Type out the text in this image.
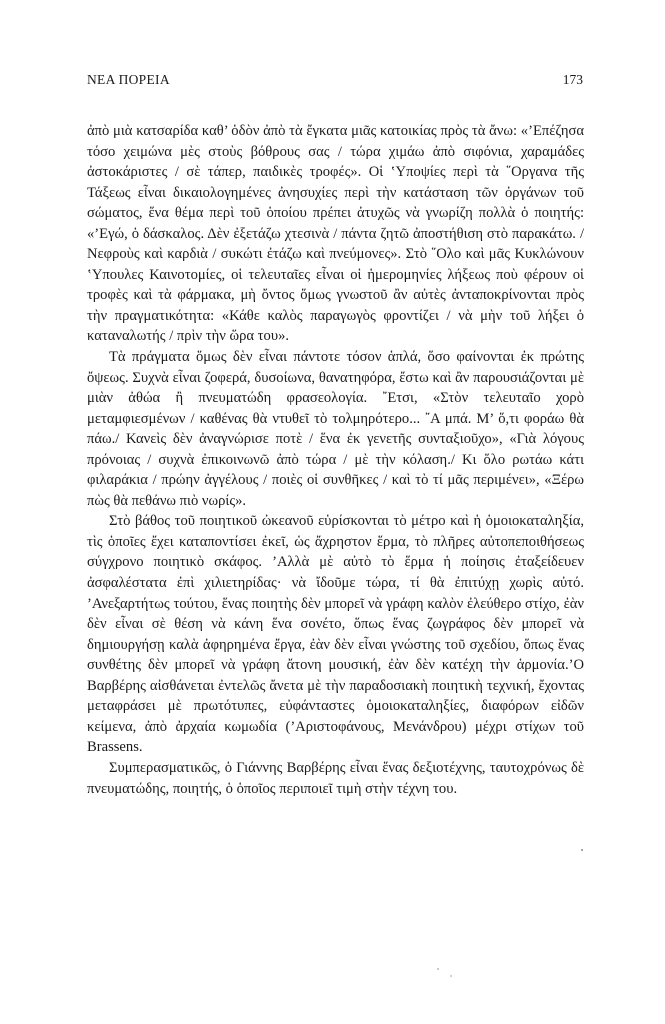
ΝΕΑ ΠΟΡΕΙΑ	173

ἀπὸ μιὰ κατσαρίδα καθ’ ὁδὸν ἀπὸ τὰ ἔγκατα μιᾶς κατοικίας πρὸς τὰ ἄνω: «’Επέζησα τόσο χειμώνα μὲς στοὺς βόθρους σας / τώρα χιμάω ἀπὸ σιφόνια, χαραμάδες ἀστοκάριστες / σὲ τάπερ, παιδικὲς τροφές». Οἱ ‛Υποψίες περὶ τὰ ῞Οργανα τῆς Τάξεως εἶναι δικαιολογημένες ἀνησυχίες περὶ τὴν κατάσταση τῶν ὀργάνων τοῦ σώματος, ἕνα θέμα περὶ τοῦ ὁποίου πρέπει ἀτυχῶς νὰ γνωρίζη πολλὰ ὁ ποιητής: «’Εγώ, ὁ δάσκαλος. Δὲν ἐξετάζω χτεσινὰ / πάντα ζητῶ ἀποστήθιση στὸ παρακάτω. /Νεφροὺς καὶ καρδιὰ / συκώτι ἐτάζω καὶ πνεύμονες». Στὸ ῞Ολο καὶ μᾶς Κυκλώνουν ‛Υπουλες Καινοτομίες, οἱ τελευταῖες εἶναι οἱ ἡμερομηνίες λήξεως ποὺ φέρουν οἱ τροφὲς καὶ τὰ φάρμακα, μὴ ὄντος ὅμως γνωστοῦ ἂν αὐτὲς ἀνταποκρίνονται πρὸς τὴν πραγματικότητα: «Κάθε καλὸς παραγωγὸς φροντίζει / νὰ μὴν τοῦ λήξει ὁ καταναλωτής / πρὶν τὴν ὥρα του».

Τὰ πράγματα ὅμως δὲν εἶναι πάντοτε τόσον ἁπλά, ὅσο φαίνονται ἐκ πρώτης ὄψεως. Συχνὰ εἶναι ζοφερά, δυσοίωνα, θανατηφόρα, ἔστω καὶ ἂν παρουσιάζονται μὲ μιὰν ἀθώα ἢ πνευματώδη φρασεολογία. ῎Ετσι, «Στὸν τελευταῖο χορὸ μεταμφιεσμένων / καθένας θὰ ντυθεῖ τὸ τολμηρότερο... ῎Α μπά. Μ’ ὅ,τι φοράω θὰ πάω./ Κανεὶς δὲν ἀναγνώρισε ποτὲ / ἕνα ἐκ γενετῆς συνταξιοῦχο», «Γιὰ λόγους πρόνοιας / συχνὰ ἐπικοινωνῶ ἀπὸ τώρα / μὲ τὴν κόλαση./ Κι ὅλο ρωτάω κάτι φιλαράκια / πρώην ἀγγέλους / ποιὲς οἱ συνθῆκες / καὶ τὸ τί μᾶς περιμένει», «Ξέρω πὼς θὰ πεθάνω πιὸ νωρίς».

Στὸ βάθος τοῦ ποιητικοῦ ὠκεανοῦ εὑρίσκονται τὸ μέτρο καὶ ἡ ὁμοιοκαταληξία, τὶς ὁποῖες ἔχει καταποντίσει ἐκεῖ, ὡς ἄχρηστον ἕρμα, τὸ πλῆρες αὐτοπεποιθήσεως σύγχρονο ποιητικὸ σκάφος. ’Αλλὰ μὲ αὐτὸ τὸ ἕρμα ἡ ποίησις ἐταξείδευεν ἀσφαλέστατα ἐπὶ χιλιετηρίδας· νὰ ἴδοῦμε τώρα, τί θὰ ἐπιτύχῃ χωρὶς αὐτό. ’Ανεξαρτήτως τούτου, ἕνας ποιητὴς δὲν μπορεῖ νὰ γράφη καλὸν ἐλεύθερο στίχο, ἐὰν δὲν εἶναι σὲ θέση νὰ κάνη ἕνα σονέτο, ὅπως ἕνας ζωγράφος δὲν μπορεῖ νὰ δημιουργήσῃ καλὰ ἀφηρημένα ἔργα, ἐὰν δὲν εἶναι γνώστης τοῦ σχεδίου, ὅπως ἕνας συνθέτης δὲν μπορεῖ νὰ γράφη ἄτονη μουσική, ἐὰν δὲν κατέχη τὴν ἁρμονία.’Ο Βαρβέρης αἰσθάνεται ἐντελῶς ἄνετα μὲ τὴν παραδοσιακὴ ποιητικὴ τεχνική, ἔχοντας μεταφράσει μὲ πρωτότυπες, εὐφάνταστες ὁμοιοκαταληξίες, διαφόρων εἰδῶν κείμενα, ἀπὸ ἀρχαία κωμωδία (’Αριστοφάνους, Μενάνδρου) μέχρι στίχων τοῦ Brassens.

Συμπερασματικῶς, ὁ Γιάννης Βαρβέρης εἶναι ἕνας δεξιοτέχνης, ταυτοχρόνως δὲ πνευματώδης, ποιητής, ὁ ὁποῖος περιποιεῖ τιμὴ στὴν τέχνη του.
